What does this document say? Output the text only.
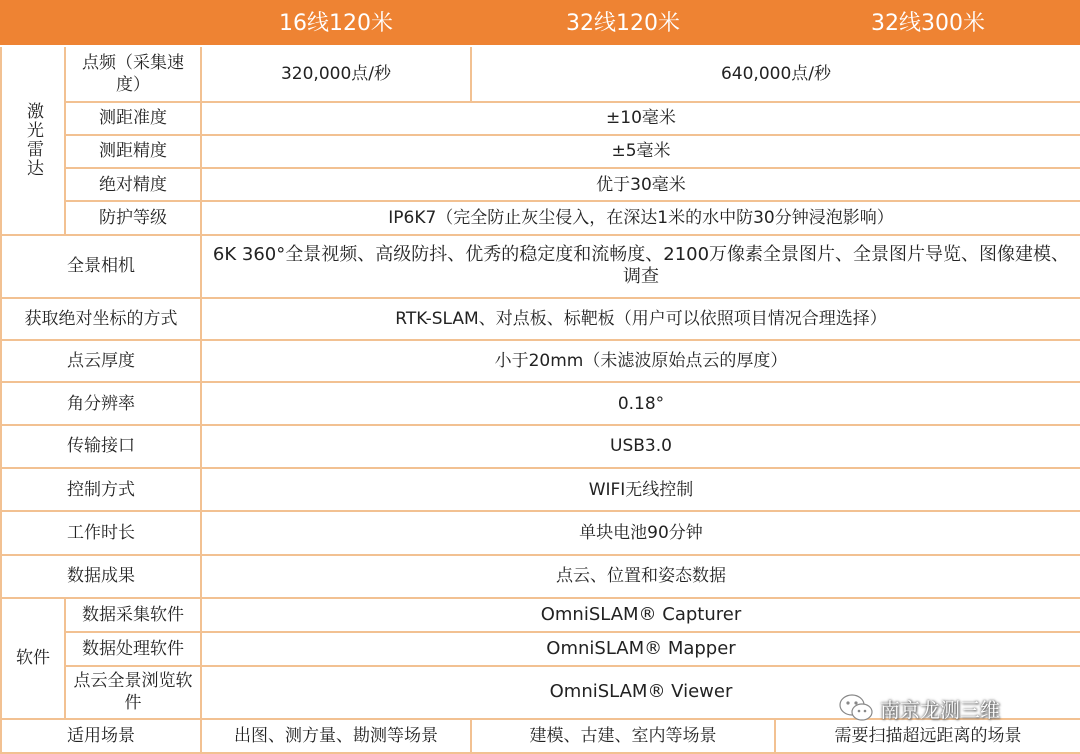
		16线120米	32线120米	32线300米
激光雷达	点频（采集速度）	320,000点/秒	640,000点/秒	
	测距准度	±10毫米		
	测距精度	±5毫米		
	绝对精度	优于30毫米		
	防护等级	IP6K7（完全防止灰尘侵入，在深达1米的水中防30分钟浸泡影响）		
全景相机		6K 360°全景视频、高级防抖、优秀的稳定度和流畅度、2100万像素全景图片、全景图片导览、图像建模、调查		
获取绝对坐标的方式		RTK-SLAM、对点板、标靶板（用户可以依照项目情况合理选择）		
点云厚度		小于20mm（未滤波原始点云的厚度）		
角分辨率		0.18°		
传输接口		USB3.0		
控制方式		WIFI无线控制		
工作时长		单块电池90分钟		
数据成果		点云、位置和姿态数据		
软件	数据采集软件	OmniSLAM® Capturer		
	数据处理软件	OmniSLAM® Mapper		
	点云全景浏览软件	OmniSLAM® Viewer		
适用场景		出图、测方量、勘测等场景	建模、古建、室内等场景	需要扫描超远距离的场景
南京龙测三维
